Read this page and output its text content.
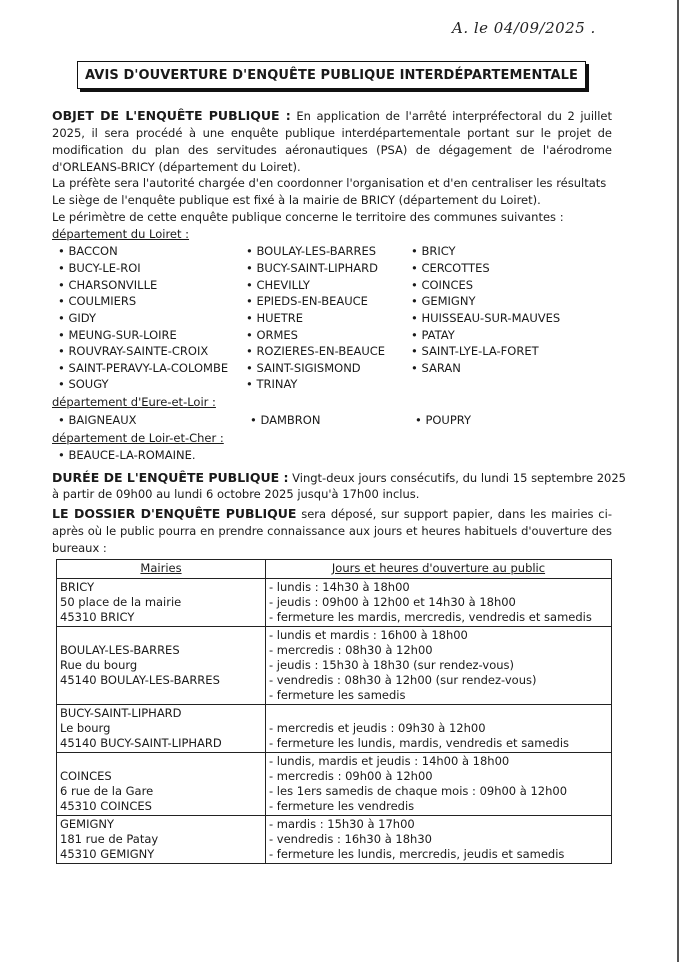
A. le 04/09/2025 .
AVIS D'OUVERTURE D'ENQUÊTE PUBLIQUE INTERDÉPARTEMENTALE
OBJET DE L'ENQUÊTE PUBLIQUE : En application de l'arrêté interpréfectoral du 2 juillet 2025, il sera procédé à une enquête publique interdépartementale portant sur le projet de modification du plan des servitudes aéronautiques (PSA) de dégagement de l'aérodrome d'ORLEANS-BRICY (département du Loiret).
La préfète sera l'autorité chargée d'en coordonner l'organisation et d'en centraliser les résultats
Le siège de l'enquête publique est fixé à la mairie de BRICY (département du Loiret).
Le périmètre de cette enquête publique concerne le territoire des communes suivantes :
département du Loiret :
• BACCON	• BOULAY-LES-BARRES	• BRICY
• BUCY-LE-ROI	• BUCY-SAINT-LIPHARD	• CERCOTTES
• CHARSONVILLE	• CHEVILLY	• COINCES
• COULMIERS	• EPIEDS-EN-BEAUCE	• GEMIGNY
• GIDY	• HUETRE	• HUISSEAU-SUR-MAUVES
• MEUNG-SUR-LOIRE	• ORMES	• PATAY
• ROUVRAY-SAINTE-CROIX	• ROZIERES-EN-BEAUCE • SAINT-LYE-LA-FORET
• SAINT-PERAVY-LA-COLOMBE • SAINT-SIGISMOND	• SARAN
• SOUGY	• TRINAY
département d'Eure-et-Loir :
• BAIGNEAUX	• DAMBRON	• POUPRY
département de Loir-et-Cher :
• BEAUCE-LA-ROMAINE.
DURÉE DE L'ENQUÊTE PUBLIQUE : Vingt-deux jours consécutifs, du lundi 15 septembre 2025
à partir de 09h00 au lundi 6 octobre 2025 jusqu'à 17h00 inclus.
LE DOSSIER D'ENQUÊTE PUBLIQUE sera déposé, sur support papier, dans les mairies ci-après où le public pourra en prendre connaissance aux jours et heures habituels d'ouverture des bureaux :
Mairies	Jours et heures d'ouverture au public

BRICY
50 place de la mairie
45310 BRICY	- lundis : 14h30 à 18h00
- jeudis : 09h00 à 12h00 et 14h30 à 18h00
- fermeture les mardis, mercredis, vendredis et samedis

BOULAY-LES-BARRES
Rue du bourg
45140 BOULAY-LES-BARRES	- lundis et mardis : 16h00 à 18h00
- mercredis : 08h30 à 12h00
- jeudis : 15h30 à 18h30 (sur rendez-vous)
- vendredis : 08h30 à 12h00 (sur rendez-vous)
- fermeture les samedis

BUCY-SAINT-LIPHARD
Le bourg
45140 BUCY-SAINT-LIPHARD	- mercredis et jeudis : 09h30 à 12h00
- fermeture les lundis, mardis, vendredis et samedis

COINCES
6 rue de la Gare
45310 COINCES	- lundis, mardis et jeudis : 14h00 à 18h00
- mercredis : 09h00 à 12h00
- les 1ers samedis de chaque mois : 09h00 à 12h00
- fermeture les vendredis

GEMIGNY
181 rue de Patay
45310 GEMIGNY	- mardis : 15h30 à 17h00
- vendredis : 16h30 à 18h30
- fermeture les lundis, mercredis, jeudis et samedis
